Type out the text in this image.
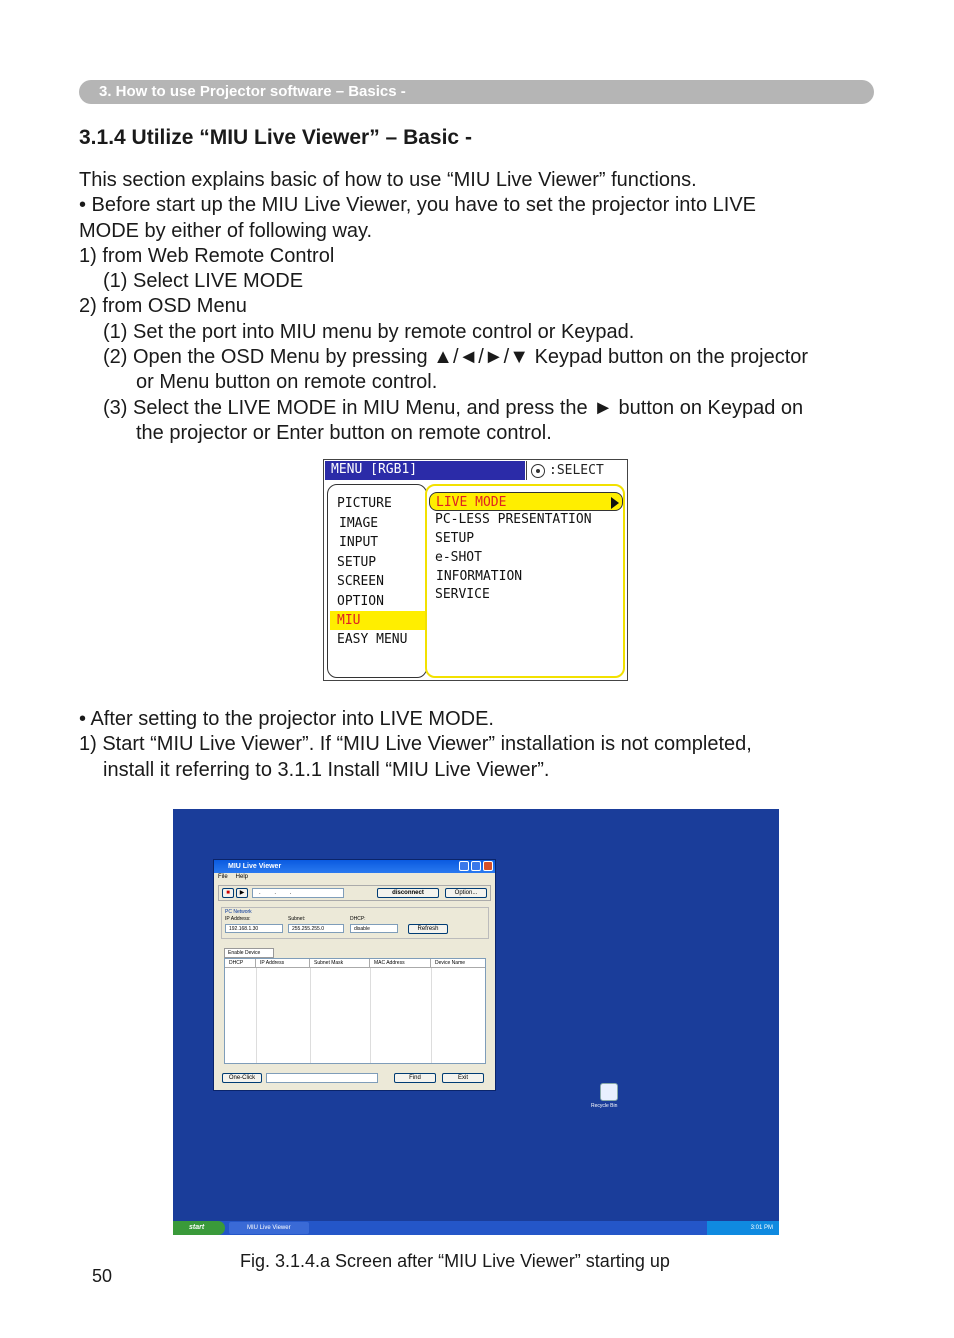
3. How to use Projector software – Basics -
3.1.4 Utilize “MIU Live Viewer” – Basic -

This section explains basic of how to use “MIU Live Viewer” functions.

• Before start up the MIU Live Viewer, you have to set the projector into LIVE

MODE by either of following way.

1) from Web Remote Control

(1) Select LIVE MODE

2) from OSD Menu

(1) Set the port into MIU menu by remote control or Keypad.

(2) Open the OSD Menu by pressing ▲/◄/►/▼ Keypad button on the projector

or Menu button on remote control.

(3) Select the LIVE MODE in MIU Menu, and press the ► button on Keypad on

the projector or Enter button on remote control.

MENU [RGB1]	:SELECT
PICTURE
IMAGE
INPUT
SETUP
SCREEN
OPTION
MIU
EASY MENU
LIVE MODE
PC-LESS PRESENTATION
SETUP
e-SHOT
INFORMATION
SERVICE

• After setting to the projector into LIVE MODE.

1) Start “MIU Live Viewer”. If “MIU Live Viewer” installation is not completed,

install it referring to 3.1.1 Install “MIU Live Viewer”.

MIU Live Viewer
File Help
■	▶	. . .	disconnect	Option...
PC Network
IP Address:	Subnet:	DHCP:
192.168.1.30	255.255.255.0	disable	Refresh
Enable Device
DHCP	IP Address	Subnet Mask	MAC Address	Device Name
One-Click	Find	Exit
Recycle Bin
start	MIU Live Viewer	3:01 PM
Fig. 3.1.4.a Screen after “MIU Live Viewer” starting up
50
